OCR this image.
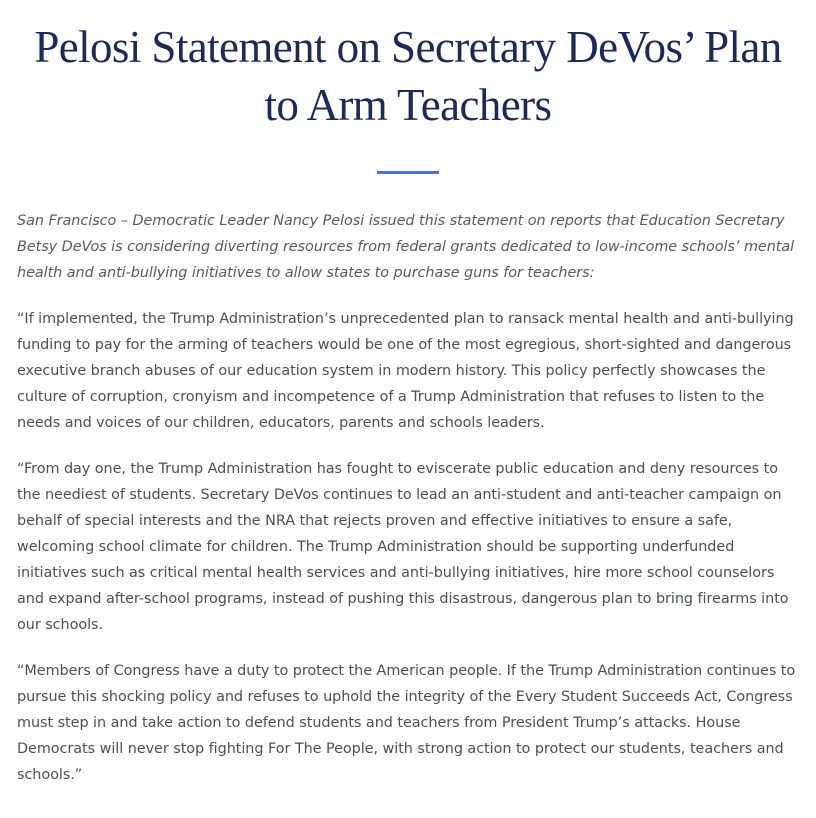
Pelosi Statement on Secretary DeVos’ Plan to Arm Teachers

San Francisco – Democratic Leader Nancy Pelosi issued this statement on reports that Education Secretary Betsy DeVos is considering diverting resources from federal grants dedicated to low-income schools’ mental health and anti-bullying initiatives to allow states to purchase guns for teachers:

“If implemented, the Trump Administration’s unprecedented plan to ransack mental health and anti-bullying funding to pay for the arming of teachers would be one of the most egregious, short-sighted and dangerous executive branch abuses of our education system in modern history. This policy perfectly showcases the culture of corruption, cronyism and incompetence of a Trump Administration that refuses to listen to the needs and voices of our children, educators, parents and schools leaders.

“From day one, the Trump Administration has fought to eviscerate public education and deny resources to the neediest of students. Secretary DeVos continues to lead an anti-student and anti-teacher campaign on behalf of special interests and the NRA that rejects proven and effective initiatives to ensure a safe, welcoming school climate for children. The Trump Administration should be supporting underfunded initiatives such as critical mental health services and anti-bullying initiatives, hire more school counselors and expand after-school programs, instead of pushing this disastrous, dangerous plan to bring firearms into our schools.

“Members of Congress have a duty to protect the American people. If the Trump Administration continues to pursue this shocking policy and refuses to uphold the integrity of the Every Student Succeeds Act, Congress must step in and take action to defend students and teachers from President Trump’s attacks. House Democrats will never stop fighting For The People, with strong action to protect our students, teachers and schools.”
